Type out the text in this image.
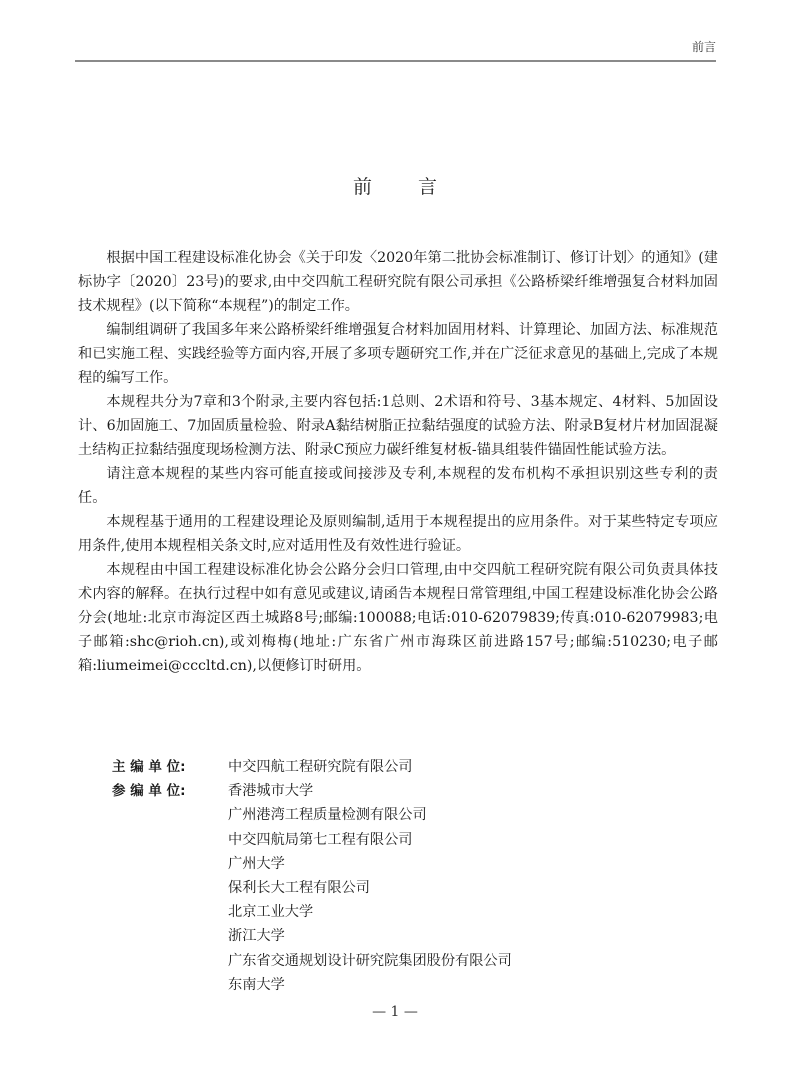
前言
前 言

根据中国工程建设标准化协会《关于印发〈2020年第二批协会标准制订、修订计划〉的通知》(建标协字〔2020〕23号)的要求,由中交四航工程研究院有限公司承担《公路桥梁纤维增强复合材料加固技术规程》(以下简称“本规程”)的制定工作。

编制组调研了我国多年来公路桥梁纤维增强复合材料加固用材料、计算理论、加固方法、标准规范和已实施工程、实践经验等方面内容,开展了多项专题研究工作,并在广泛征求意见的基础上,完成了本规程的编写工作。

本规程共分为7章和3个附录,主要内容包括:1总则、2术语和符号、3基本规定、4材料、5加固设计、6加固施工、7加固质量检验、附录A黏结树脂正拉黏结强度的试验方法、附录B复材片材加固混凝土结构正拉黏结强度现场检测方法、附录C预应力碳纤维复材板-锚具组装件锚固性能试验方法。

请注意本规程的某些内容可能直接或间接涉及专利,本规程的发布机构不承担识别这些专利的责任。

本规程基于通用的工程建设理论及原则编制,适用于本规程提出的应用条件。对于某些特定专项应用条件,使用本规程相关条文时,应对适用性及有效性进行验证。

本规程由中国工程建设标准化协会公路分会归口管理,由中交四航工程研究院有限公司负责具体技术内容的解释。在执行过程中如有意见或建议,请函告本规程日常管理组,中国工程建设标准化协会公路分会(地址:北京市海淀区西土城路8号;邮编:100088;电话:010-62079839;传真:010-62079983;电子邮箱:shc@rioh.cn),或刘梅梅(地址:广东省广州市海珠区前进路157号;邮编:510230;电子邮箱:liumeimei@cccltd.cn),以便修订时研用。

主 编 单 位:	中交四航工程研究院有限公司
参 编 单 位:	香港城市大学
广州港湾工程质量检测有限公司
中交四航局第七工程有限公司
广州大学
保利长大工程有限公司
北京工业大学
浙江大学
广东省交通规划设计研究院集团股份有限公司
东南大学
— 1 —
